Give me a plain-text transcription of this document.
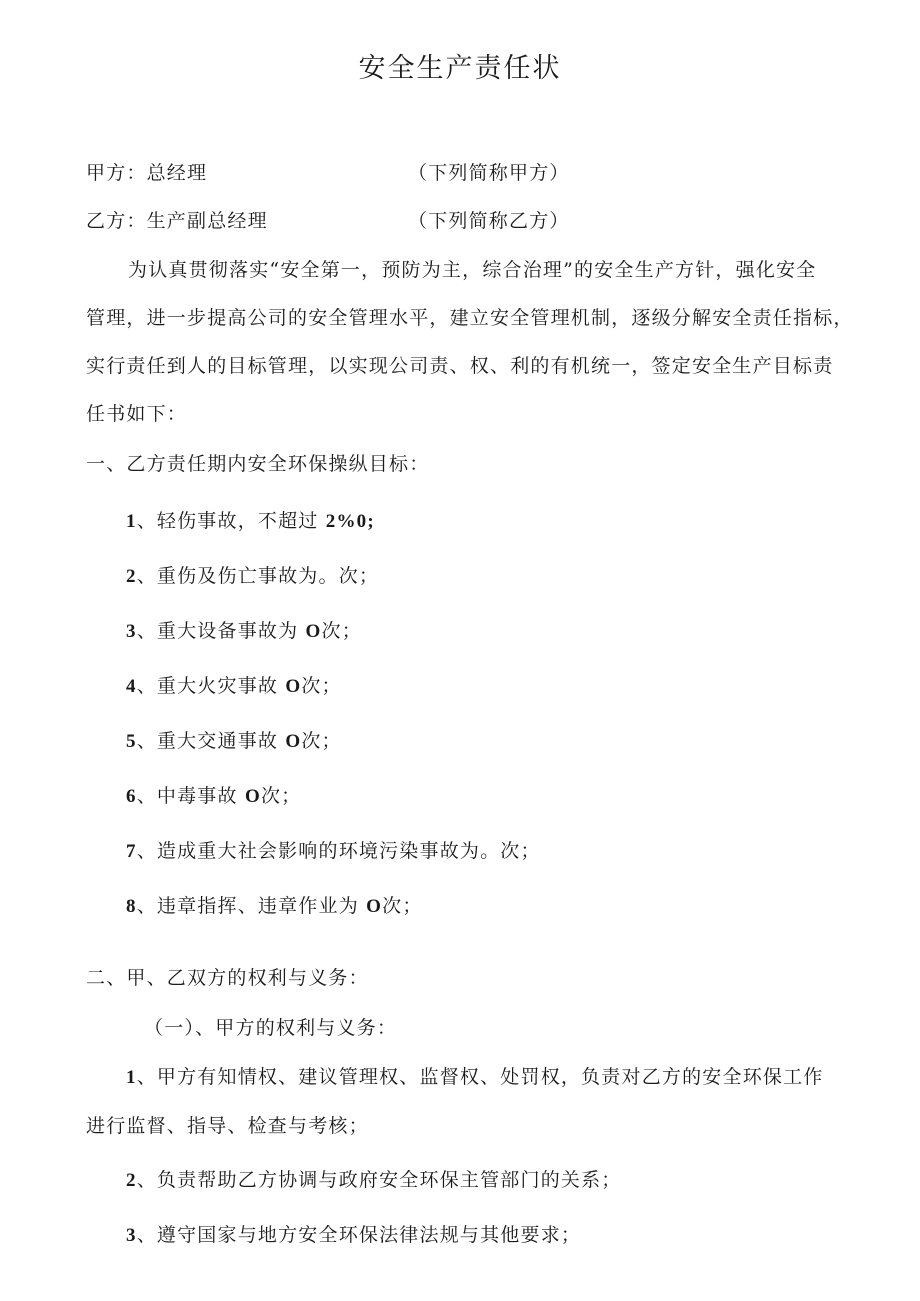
安全生产责任状
甲方：总经理	（下列简称甲方）
乙方：生产副总经理	（下列简称乙方）
为认真贯彻落实“安全第一，预防为主，综合治理”的安全生产方针，强化安全
管理，进一步提高公司的安全管理水平，建立安全管理机制，逐级分解安全责任指标，
实行责任到人的目标管理，以实现公司责、权、利的有机统一，签定安全生产目标责
任书如下：
一、乙方责任期内安全环保操纵目标：
1、轻伤事故，不超过 2%0;
2、重伤及伤亡事故为。次；
3、重大设备事故为 O次；
4、重大火灾事故 O次；
5、重大交通事故 O次；
6、中毒事故 O次；
7、造成重大社会影响的环境污染事故为。次；
8、违章指挥、违章作业为 O次；
二、甲、乙双方的权利与义务：
（一）、甲方的权利与义务：
1、甲方有知情权、建议管理权、监督权、处罚权，负责对乙方的安全环保工作
进行监督、指导、检查与考核；
2、负责帮助乙方协调与政府安全环保主管部门的关系；
3、遵守国家与地方安全环保法律法规与其他要求；
